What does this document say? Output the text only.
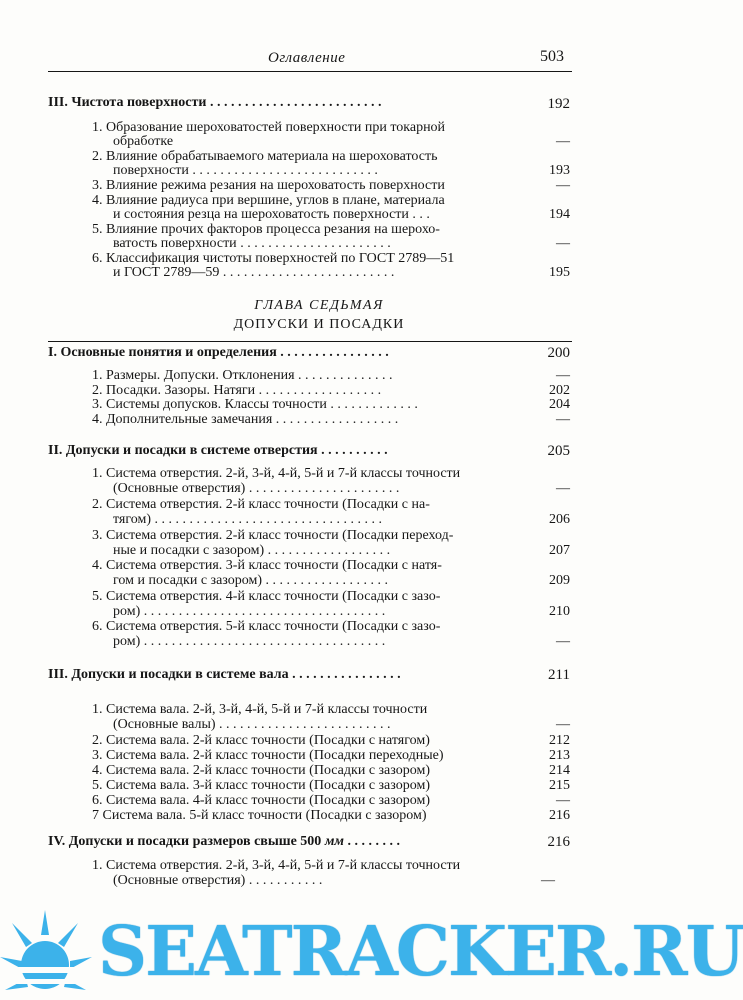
Оглавление	503
III. Чистота поверхности . . . . . . . . . . . . . . . . . . . . . . . . .	192
1. Образование шероховатостей поверхности при токарной
обработке	—
2. Влияние обрабатываемого материала на шероховатость
поверхности . . . . . . . . . . . . . . . . . . . . . . . . . . .	193
3. Влияние режима резания на шероховатость поверхности	—
4. Влияние радиуса при вершине, углов в плане, материала
и состояния резца на шероховатость поверхности . . .	194
5. Влияние прочих факторов процесса резания на шерохо-
ватость поверхности . . . . . . . . . . . . . . . . . . . . . .	—
6. Классификация чистоты поверхностей по ГОСТ 2789—51
и ГОСТ 2789—59 . . . . . . . . . . . . . . . . . . . . . . . . .	195
ГЛАВА СЕДЬМАЯ
ДОПУСКИ И ПОСАДКИ
I. Основные понятия и определения . . . . . . . . . . . . . . . .	200
1. Размеры. Допуски. Отклонения . . . . . . . . . . . . . .	—
2. Посадки. Зазоры. Натяги . . . . . . . . . . . . . . . . . .	202
3. Системы допусков. Классы точности . . . . . . . . . . . . .	204
4. Дополнительные замечания . . . . . . . . . . . . . . . . . .	—
II. Допуски и посадки в системе отверстия . . . . . . . . . .	205
1. Система отверстия. 2-й, 3-й, 4-й, 5-й и 7-й классы точности
(Основные отверстия) . . . . . . . . . . . . . . . . . . . . . .	—
2. Система отверстия. 2-й класс точности (Посадки с на-
тягом) . . . . . . . . . . . . . . . . . . . . . . . . . . . . . . . . .	206
3. Система отверстия. 2-й класс точности (Посадки переход-
ные и посадки с зазором) . . . . . . . . . . . . . . . . . .	207
4. Система отверстия. 3-й класс точности (Посадки с натя-
гом и посадки с зазором) . . . . . . . . . . . . . . . . . .	209
5. Система отверстия. 4-й класс точности (Посадки с зазо-
ром) . . . . . . . . . . . . . . . . . . . . . . . . . . . . . . . . . . .	210
6. Система отверстия. 5-й класс точности (Посадки с зазо-
ром) . . . . . . . . . . . . . . . . . . . . . . . . . . . . . . . . . . .	—
III. Допуски и посадки в системе вала . . . . . . . . . . . . . . . .	211
1. Система вала. 2-й, 3-й, 4-й, 5-й и 7-й классы точности
(Основные валы) . . . . . . . . . . . . . . . . . . . . . . . . .	—
2. Система вала. 2-й класс точности (Посадки с натягом)	212
3. Система вала. 2-й класс точности (Посадки переходные)	213
4. Система вала. 2-й класс точности (Посадки с зазором)	214
5. Система вала. 3-й класс точности (Посадки с зазором)	215
6. Система вала. 4-й класс точности (Посадки с зазором)	—
7 Система вала. 5-й класс точности (Посадки с зазором)	216
IV. Допуски и посадки размеров свыше 500 мм . . . . . . . .	216
1. Система отверстия. 2-й, 3-й, 4-й, 5-й и 7-й классы точности
(Основные отверстия) . . . . . . . . . . .	—
SEATRACKER.RU
